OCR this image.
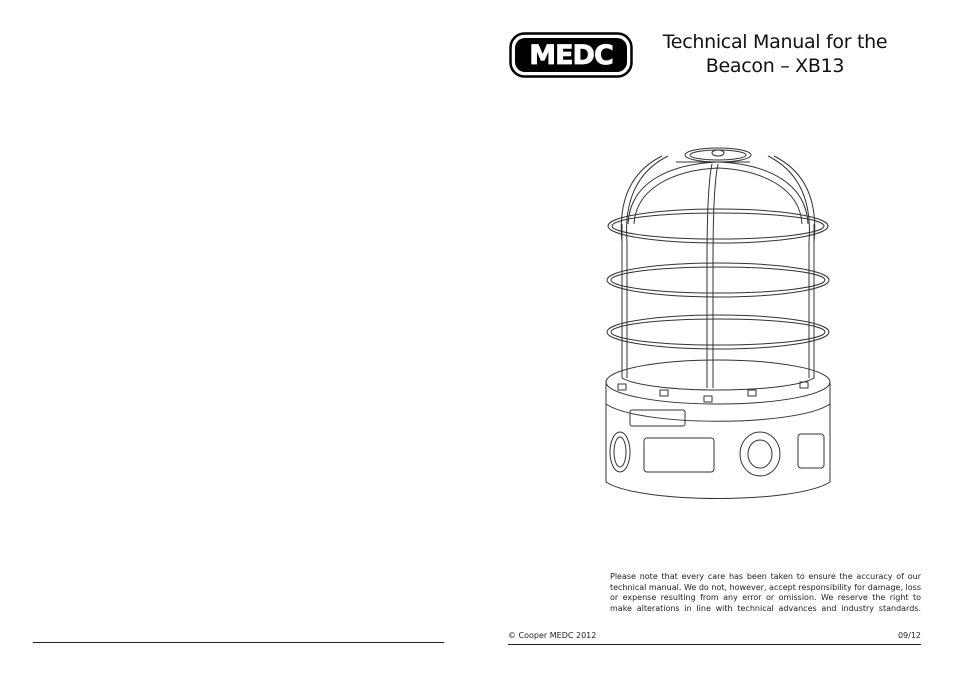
MEDC	Technical Manual for the
Beacon – XB13
Please note that every care has been taken to ensure the accuracy of our technical manual. We do not, however, accept responsibility for damage, loss or expense resulting from any error or omission. We reserve the right to make alterations in line with technical advances and industry standards.
© Cooper MEDC 2012	09/12
